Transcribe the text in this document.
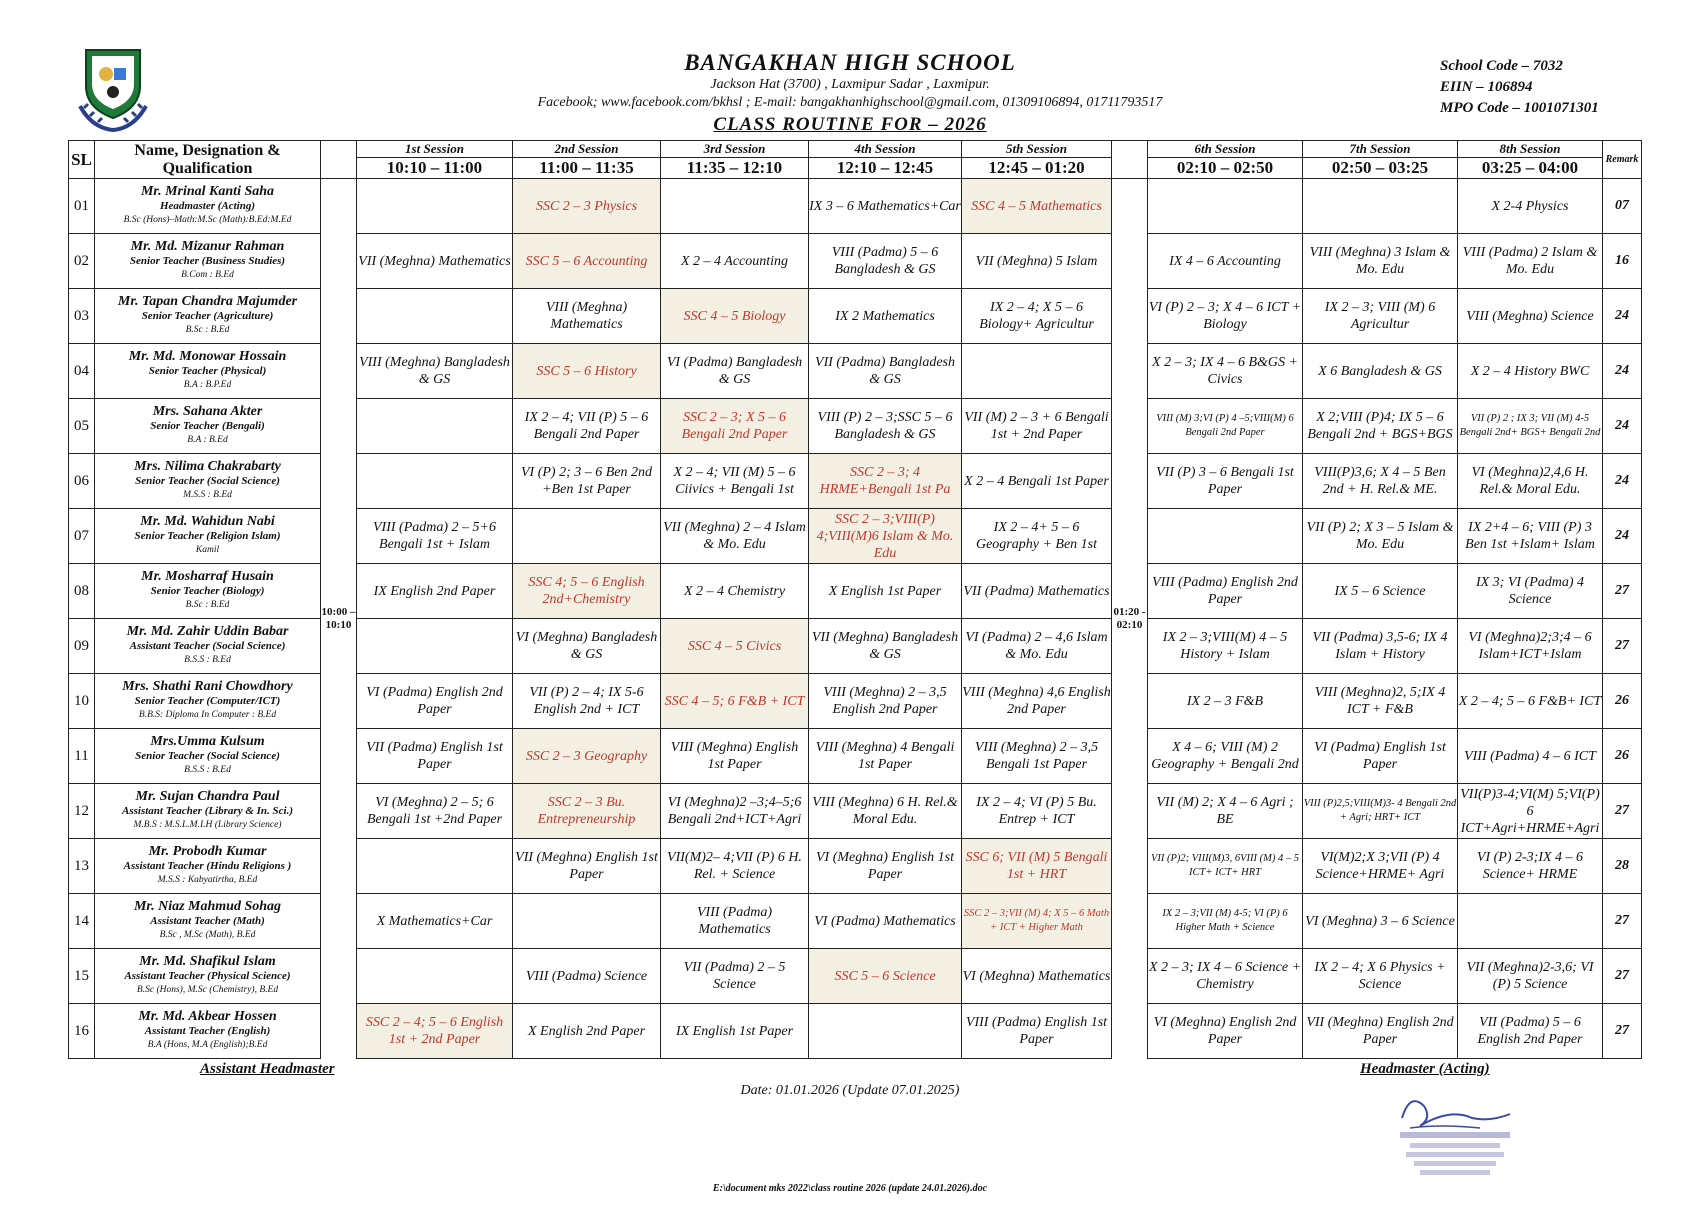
BANGAKHAN HIGH SCHOOL
Jackson Hat (3700) , Laxmipur Sadar , Laxmipur.
Facebook; www.facebook.com/bkhsl ; E-mail: bangakhanhighschool@gmail.com, 01309106894, 01711793517
CLASS ROUTINE FOR – 2026
School Code – 7032
EIIN – 106894
MPO Code – 1001071301
SL	Name, Designation & Qualification		1st Session	2nd Session	3rd Session	4th Session	5th Session		6th Session	7th Session	8th Session	Remark
			10:10 – 11:00	11:00 – 11:35	11:35 – 12:10	12:10 – 12:45	12:45 – 01:20		02:10 – 02:50	02:50 – 03:25	03:25 – 04:00	
01	Mr. Mrinal Kanti Saha
Headmaster (Acting)
B.Sc (Hons)–Math:M.Sc (Math):B.Ed:M.Ed	10:00 – 10:10		SSC 2 – 3 Physics		IX 3 – 6 Mathematics+Car	SSC 4 – 5 Mathematics	01:20 - 02:10			X 2-4 Physics	07
02	Mr. Md. Mizanur Rahman
Senior Teacher (Business Studies)
B.Com : B.Ed		VII (Meghna) Mathematics	SSC 5 – 6 Accounting	X 2 – 4 Accounting	VIII (Padma) 5 – 6 Bangladesh & GS	VII (Meghna) 5 Islam		IX 4 – 6 Accounting	VIII (Meghna) 3 Islam & Mo. Edu	VIII (Padma) 2 Islam & Mo. Edu	16
03	Mr. Tapan Chandra Majumder
Senior Teacher (Agriculture)
B.Sc : B.Ed			VIII (Meghna) Mathematics	SSC 4 – 5 Biology	IX 2 Mathematics	IX 2 – 4; X 5 – 6 Biology+ Agricultur		VI (P) 2 – 3; X 4 – 6 ICT + Biology	IX 2 – 3; VIII (M) 6 Agricultur	VIII (Meghna) Science	24
04	Mr. Md. Monowar Hossain
Senior Teacher (Physical)
B.A : B.P.Ed		VIII (Meghna) Bangladesh & GS	SSC 5 – 6 History	VI (Padma) Bangladesh & GS	VII (Padma) Bangladesh & GS			X 2 – 3; IX 4 – 6 B&GS + Civics	X 6 Bangladesh & GS	X 2 – 4 History BWC	24
05	Mrs. Sahana Akter
Senior Teacher (Bengali)
B.A : B.Ed			IX 2 – 4; VII (P) 5 – 6 Bengali 2nd Paper	SSC 2 – 3; X 5 – 6 Bengali 2nd Paper	VIII (P) 2 – 3;SSC 5 – 6 Bangladesh & GS	VII (M) 2 – 3 + 6 Bengali 1st + 2nd Paper		VIII (M) 3;VI (P) 4 –5;VIII(M) 6 Bengali 2nd Paper	X 2;VIII (P)4; IX 5 – 6 Bengali 2nd + BGS+BGS	VII (P) 2 ; IX 3; VII (M) 4-5 Bengali 2nd+ BGS+ Bengali 2nd	24
06	Mrs. Nilima Chakrabarty
Senior Teacher (Social Science)
M.S.S : B.Ed			VI (P) 2; 3 – 6 Ben 2nd +Ben 1st Paper	X 2 – 4; VII (M) 5 – 6 Ciivics + Bengali 1st	SSC 2 – 3; 4 HRME+Bengali 1st Pa	X 2 – 4 Bengali 1st Paper		VII (P) 3 – 6 Bengali 1st Paper	VIII(P)3,6; X 4 – 5 Ben 2nd + H. Rel.& ME.	VI (Meghna)2,4,6 H. Rel.& Moral Edu.	24
07	Mr. Md. Wahidun Nabi
Senior Teacher (Religion Islam)
Kamil		VIII (Padma) 2 – 5+6 Bengali 1st + Islam		VII (Meghna) 2 – 4 Islam & Mo. Edu	SSC 2 – 3;VIII(P) 4;VIII(M)6 Islam & Mo. Edu	IX 2 – 4+ 5 – 6 Geography + Ben 1st			VII (P) 2; X 3 – 5 Islam & Mo. Edu	IX 2+4 – 6; VIII (P) 3 Ben 1st +Islam+ Islam	24
08	Mr. Mosharraf Husain
Senior Teacher (Biology)
B.Sc : B.Ed		IX English 2nd Paper	SSC 4; 5 – 6 English 2nd+Chemistry	X 2 – 4 Chemistry	X English 1st Paper	VII (Padma) Mathematics		VIII (Padma) English 2nd Paper	IX 5 – 6 Science	IX 3; VI (Padma) 4 Science	27
09	Mr. Md. Zahir Uddin Babar
Assistant Teacher (Social Science)
B.S.S : B.Ed			VI (Meghna) Bangladesh & GS	SSC 4 – 5 Civics	VII (Meghna) Bangladesh & GS	VI (Padma) 2 – 4,6 Islam & Mo. Edu		IX 2 – 3;VIII(M) 4 – 5 History + Islam	VII (Padma) 3,5-6; IX 4 Islam + History	VI (Meghna)2;3;4 – 6 Islam+ICT+Islam	27
10	Mrs. Shathi Rani Chowdhory
Senior Teacher (Computer/ICT)
B.B.S: Diploma In Computer : B.Ed		VI (Padma) English 2nd Paper	VII (P) 2 – 4; IX 5-6 English 2nd + ICT	SSC 4 – 5; 6 F&B + ICT	VIII (Meghna) 2 – 3,5 English 2nd Paper	VIII (Meghna) 4,6 English 2nd Paper		IX 2 – 3 F&B	VIII (Meghna)2, 5;IX 4 ICT + F&B	X 2 – 4; 5 – 6 F&B+ ICT	26
11	Mrs.Umma Kulsum
Senior Teacher (Social Science)
B.S.S : B.Ed		VII (Padma) English 1st Paper	SSC 2 – 3 Geography	VIII (Meghna) English 1st Paper	VIII (Meghna) 4 Bengali 1st Paper	VIII (Meghna) 2 – 3,5 Bengali 1st Paper		X 4 – 6; VIII (M) 2 Geography + Bengali 2nd	VI (Padma) English 1st Paper	VIII (Padma) 4 – 6 ICT	26
12	Mr. Sujan Chandra Paul
Assistant Teacher (Library & In. Sci.)
M.B.S : M.S.L.M.I.H (Library Science)		VI (Meghna) 2 – 5; 6 Bengali 1st +2nd Paper	SSC 2 – 3 Bu. Entrepreneurship	VI (Meghna)2 –3;4–5;6 Bengali 2nd+ICT+Agri	VIII (Meghna) 6 H. Rel.& Moral Edu.	IX 2 – 4; VI (P) 5 Bu. Entrep + ICT		VII (M) 2; X 4 – 6 Agri ; BE	VIII (P)2,5;VIII(M)3- 4 Bengali 2nd + Agri; HRT+ ICT	VII(P)3-4;VI(M) 5;VI(P) 6 ICT+Agri+HRME+Agri	27
13	Mr. Probodh Kumar
Assistant Teacher (Hindu Religions )
M.S.S : Kabyatirtha, B.Ed			VII (Meghna) English 1st Paper	VII(M)2– 4;VII (P) 6 H. Rel. + Science	VI (Meghna) English 1st Paper	SSC 6; VII (M) 5 Bengali 1st + HRT		VII (P)2; VIII(M)3, 6VIII (M) 4 – 5 ICT+ ICT+ HRT	VI(M)2;X 3;VII (P) 4 Science+HRME+ Agri	VI (P) 2-3;IX 4 – 6 Science+ HRME	28
14	Mr. Niaz Mahmud Sohag
Assistant Teacher (Math)
B.Sc , M.Sc (Math), B.Ed		X Mathematics+Car		VIII (Padma) Mathematics	VI (Padma) Mathematics	SSC 2 – 3;VII (M) 4; X 5 – 6 Math + ICT + Higher Math		IX 2 – 3;VII (M) 4-5; VI (P) 6 Higher Math + Science	VI (Meghna) 3 – 6 Science		27
15	Mr. Md. Shafikul Islam
Assistant Teacher (Physical Science)
B.Sc (Hons), M.Sc (Chemistry), B.Ed			VIII (Padma) Science	VII (Padma) 2 – 5 Science	SSC 5 – 6 Science	VI (Meghna) Mathematics		X 2 – 3; IX 4 – 6 Science + Chemistry	IX 2 – 4; X 6 Physics + Science	VII (Meghna)2-3,6; VI (P) 5 Science	27
16	Mr. Md. Akbear Hossen
Assistant Teacher (English)
B.A (Hons, M.A (English);B.Ed		SSC 2 – 4; 5 – 6 English 1st + 2nd Paper	X English 2nd Paper	IX English 1st Paper		VIII (Padma) English 1st Paper		VI (Meghna) English 2nd Paper	VII (Meghna) English 2nd Paper	VII (Padma) 5 – 6 English 2nd Paper	27
Assistant Headmaster	Headmaster (Acting)
Date: 01.01.2026 (Update 07.01.2025)
E:\document mks 2022\class routine 2026 (update 24.01.2026).doc
